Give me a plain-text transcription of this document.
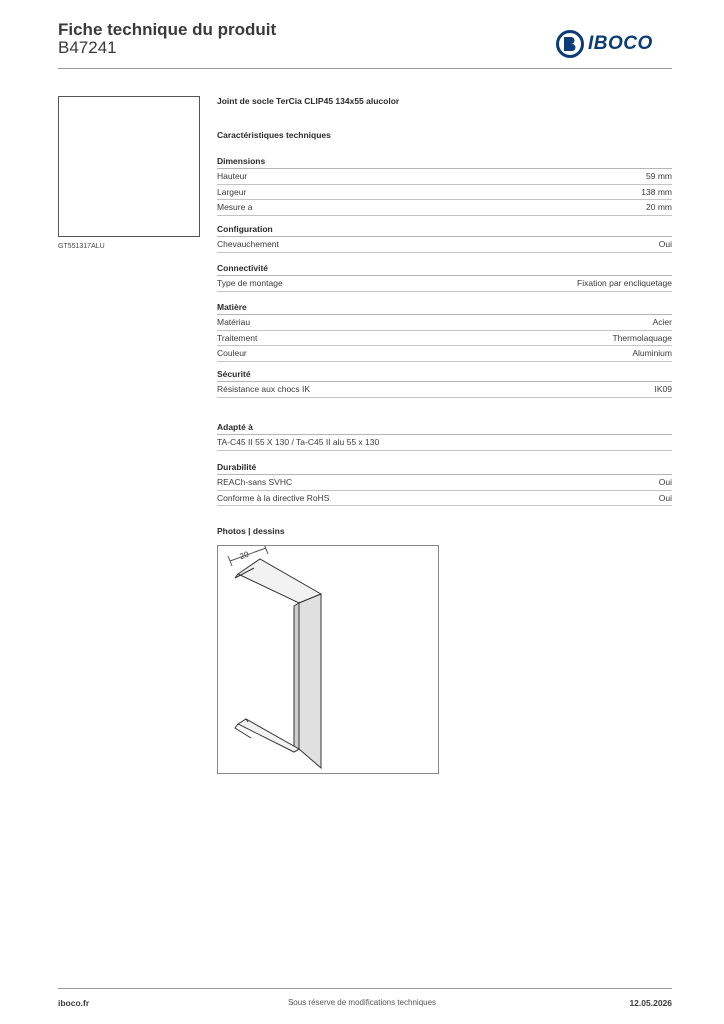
Fiche technique du produit
B47241	IBOCO
GT551317ALU
Joint de socle TerCia CLIP45 134x55 alucolor
Caractéristiques techniques
Dimensions
Hauteur	59 mm
Largeur	138 mm
Mesure a	20 mm
Configuration
Chevauchement	Oui
Connectivité
Type de montage	Fixation par encliquetage
Matière
Matériau	Acier
Traitement	Thermolaquage
Couleur	Aluminium
Sécurité
Résistance aux chocs IK	IK09
Adapté à
TA-C45 II 55 X 130 / Ta-C45 II alu 55 x 130
Durabilité
REACh-sans SVHC	Oui
Conforme à la directive RoHS	Oui
Photos | dessins
20
iboco.fr	Sous réserve de modifications techniques	12.05.2026
